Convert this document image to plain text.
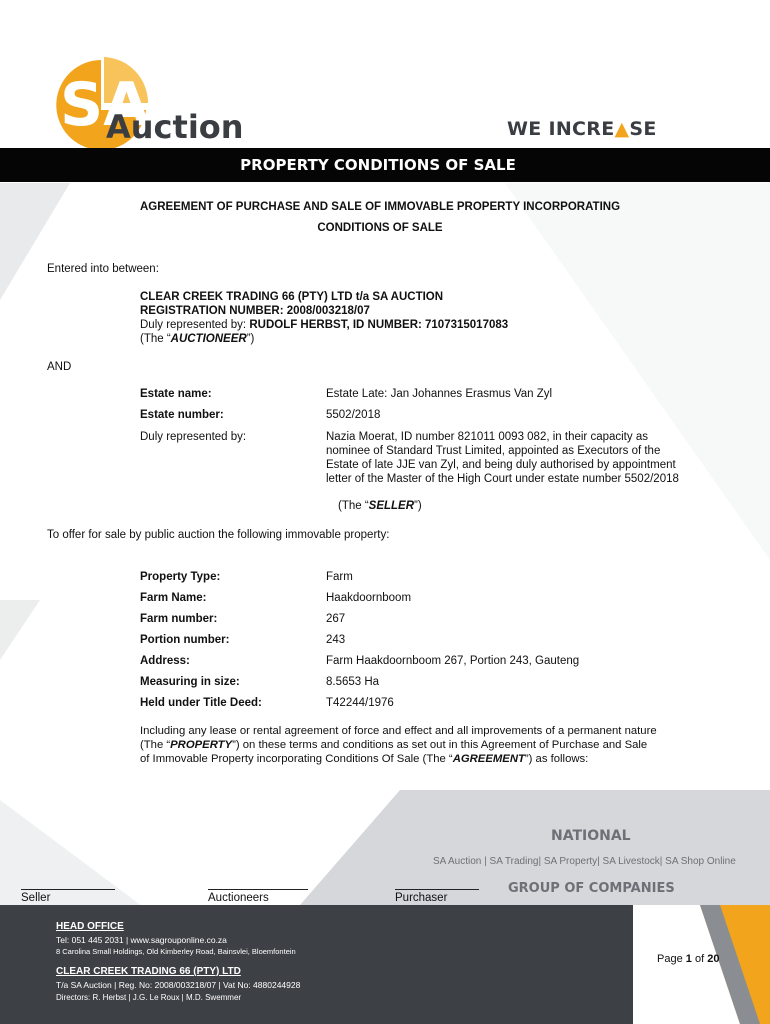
SA
Auction	WE INCRE▲SE
PROPERTY CONDITIONS OF SALE
AGREEMENT OF PURCHASE AND SALE OF IMMOVABLE PROPERTY INCORPORATING
CONDITIONS OF SALE
Entered into between:
CLEAR CREEK TRADING 66 (PTY) LTD t/a SA AUCTION
REGISTRATION NUMBER: 2008/003218/07
Duly represented by: RUDOLF HERBST, ID NUMBER: 7107315017083
(The “AUCTIONEER”)
AND
Estate name:	Estate Late: Jan Johannes Erasmus Van Zyl
Estate number:	5502/2018
Duly represented by:	Nazia Moerat, ID number 821011 0093 082, in their capacity as
nominee of Standard Trust Limited, appointed as Executors of the
Estate of late JJE van Zyl, and being duly authorised by appointment
letter of the Master of the High Court under estate number 5502/2018
(The “SELLER”)
To offer for sale by public auction the following immovable property:
Property Type:	Farm
Farm Name:	Haakdoornboom
Farm number:	267
Portion number:	243
Address:	Farm Haakdoornboom 267, Portion 243, Gauteng
Measuring in size:	8.5653 Ha
Held under Title Deed:	T42244/1976
Including any lease or rental agreement of force and effect and all improvements of a permanent nature
(The “PROPERTY”) on these terms and conditions as set out in this Agreement of Purchase and Sale
of Immovable Property incorporating Conditions Of Sale (The “AGREEMENT”) as follows:
NATIONAL
SA Auction | SA Trading| SA Property| SA Livestock| SA Shop Online
GROUP OF COMPANIES
Seller	Auctioneers	Purchaser
HEAD OFFICE
Tel: 051 445 2031 | www.sagrouponline.co.za
8 Carolina Small Holdings, Old Kimberley Road, Bainsvlei, Bloemfontein
CLEAR CREEK TRADING 66 (PTY) LTD
T/a SA Auction | Reg. No: 2008/003218/07 | Vat No: 4880244928
Directors: R. Herbst | J.G. Le Roux | M.D. Swemmer
Page 1 of 20
